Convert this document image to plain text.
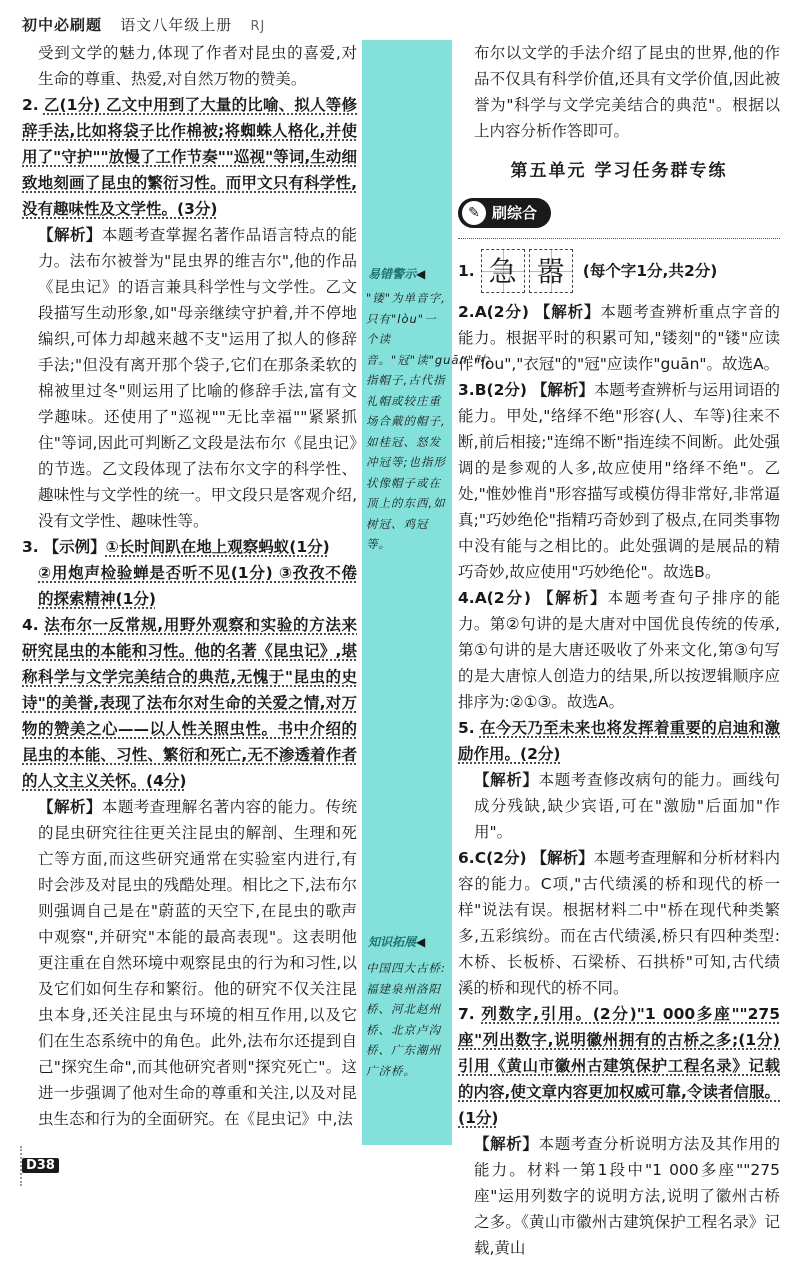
初中必刷题 语文八年级上册 RJ

受到文学的魅力,体现了作者对昆虫的喜爱,对生命的尊重、热爱,对自然万物的赞美。

2. 乙(1分) 乙文中用到了大量的比喻、拟人等修辞手法,比如将袋子比作棉被;将蜘蛛人格化,并使用了"守护""放慢了工作节奏""巡视"等词,生动细致地刻画了昆虫的繁衍习性。而甲文只有科学性,没有趣味性及文学性。(3分)

【解析】本题考查掌握名著作品语言特点的能力。法布尔被誉为"昆虫界的维吉尔",他的作品《昆虫记》的语言兼具科学性与文学性。乙文段描写生动形象,如"母亲继续守护着,并不停地编织,可体力却越来越不支"运用了拟人的修辞手法;"但没有离开那个袋子,它们在那条柔软的棉被里过冬"则运用了比喻的修辞手法,富有文学趣味。还使用了"巡视""无比幸福""紧紧抓住"等词,因此可判断乙文段是法布尔《昆虫记》的节选。乙文段体现了法布尔文字的科学性、趣味性与文学性的统一。甲文段只是客观介绍,没有文学性、趣味性等。

3. 【示例】①长时间趴在地上观察蚂蚁(1分)

②用炮声检验蝉是否听不见(1分) ③孜孜不倦的探索精神(1分)

4. 法布尔一反常规,用野外观察和实验的方法来研究昆虫的本能和习性。他的名著《昆虫记》,堪称科学与文学完美结合的典范,无愧于"昆虫的史诗"的美誉,表现了法布尔对生命的关爱之情,对万物的赞美之心——以人性关照虫性。书中介绍的昆虫的本能、习性、繁衍和死亡,无不渗透着作者的人文主义关怀。(4分)

【解析】本题考查理解名著内容的能力。传统的昆虫研究往往更关注昆虫的解剖、生理和死亡等方面,而这些研究通常在实验室内进行,有时会涉及对昆虫的残酷处理。相比之下,法布尔则强调自己是在"蔚蓝的天空下,在昆虫的歌声中观察",并研究"本能的最高表现"。这表明他更注重在自然环境中观察昆虫的行为和习性,以及它们如何生存和繁衍。他的研究不仅关注昆虫本身,还关注昆虫与环境的相互作用,以及它们在生态系统中的角色。此外,法布尔还提到自己"探究生命",而其他研究者则"探究死亡"。这进一步强调了他对生命的尊重和关注,以及对昆虫生态和行为的全面研究。在《昆虫记》中,法

易错警示◀
"镂"为单音字,只有"lòu"一个读音。"冠"读"guān"时,指帽子,古代指礼帽或较庄重场合戴的帽子,如桂冠、怒发冲冠等;也指形状像帽子或在顶上的东西,如树冠、鸡冠等。
知识拓展◀
中国四大古桥:福建泉州洛阳桥、河北赵州桥、北京卢沟桥、广东潮州广济桥。

布尔以文学的手法介绍了昆虫的世界,他的作品不仅具有科学价值,还具有文学价值,因此被誉为"科学与文学完美结合的典范"。根据以上内容分析作答即可。

第五单元 学习任务群专练
✎ 刷综合
1. 急 嚣	(每个字1分,共2分)

2.A(2分) 【解析】本题考查辨析重点字音的能力。根据平时的积累可知,"镂刻"的"镂"应读作"lòu","衣冠"的"冠"应读作"guān"。故选A。

3.B(2分) 【解析】本题考查辨析与运用词语的能力。甲处,"络绎不绝"形容(人、车等)往来不断,前后相接;"连绵不断"指连续不间断。此处强调的是参观的人多,故应使用"络绎不绝"。乙处,"惟妙惟肖"形容描写或模仿得非常好,非常逼真;"巧妙绝伦"指精巧奇妙到了极点,在同类事物中没有能与之相比的。此处强调的是展品的精巧奇妙,故应使用"巧妙绝伦"。故选B。

4.A(2分) 【解析】本题考查句子排序的能力。第②句讲的是大唐对中国优良传统的传承,第①句讲的是大唐还吸收了外来文化,第③句写的是大唐惊人创造力的结果,所以按逻辑顺序应排序为:②①③。故选A。

5. 在今天乃至未来也将发挥着重要的启迪和激励作用。(2分)

【解析】本题考查修改病句的能力。画线句成分残缺,缺少宾语,可在"激励"后面加"作用"。

6.C(2分) 【解析】本题考查理解和分析材料内容的能力。C项,"古代绩溪的桥和现代的桥一样"说法有误。根据材料二中"桥在现代种类繁多,五彩缤纷。而在古代绩溪,桥只有四种类型:木桥、长板桥、石梁桥、石拱桥"可知,古代绩溪的桥和现代的桥不同。

7. 列数字,引用。(2分)"1 000多座""275座"列出数字,说明徽州拥有的古桥之多;(1分)引用《黄山市徽州古建筑保护工程名录》记载的内容,使文章内容更加权威可靠,令读者信服。(1分)

【解析】本题考查分析说明方法及其作用的能力。材料一第1段中"1 000多座""275座"运用列数字的说明方法,说明了徽州古桥之多。《黄山市徽州古建筑保护工程名录》记载,黄山

D38
